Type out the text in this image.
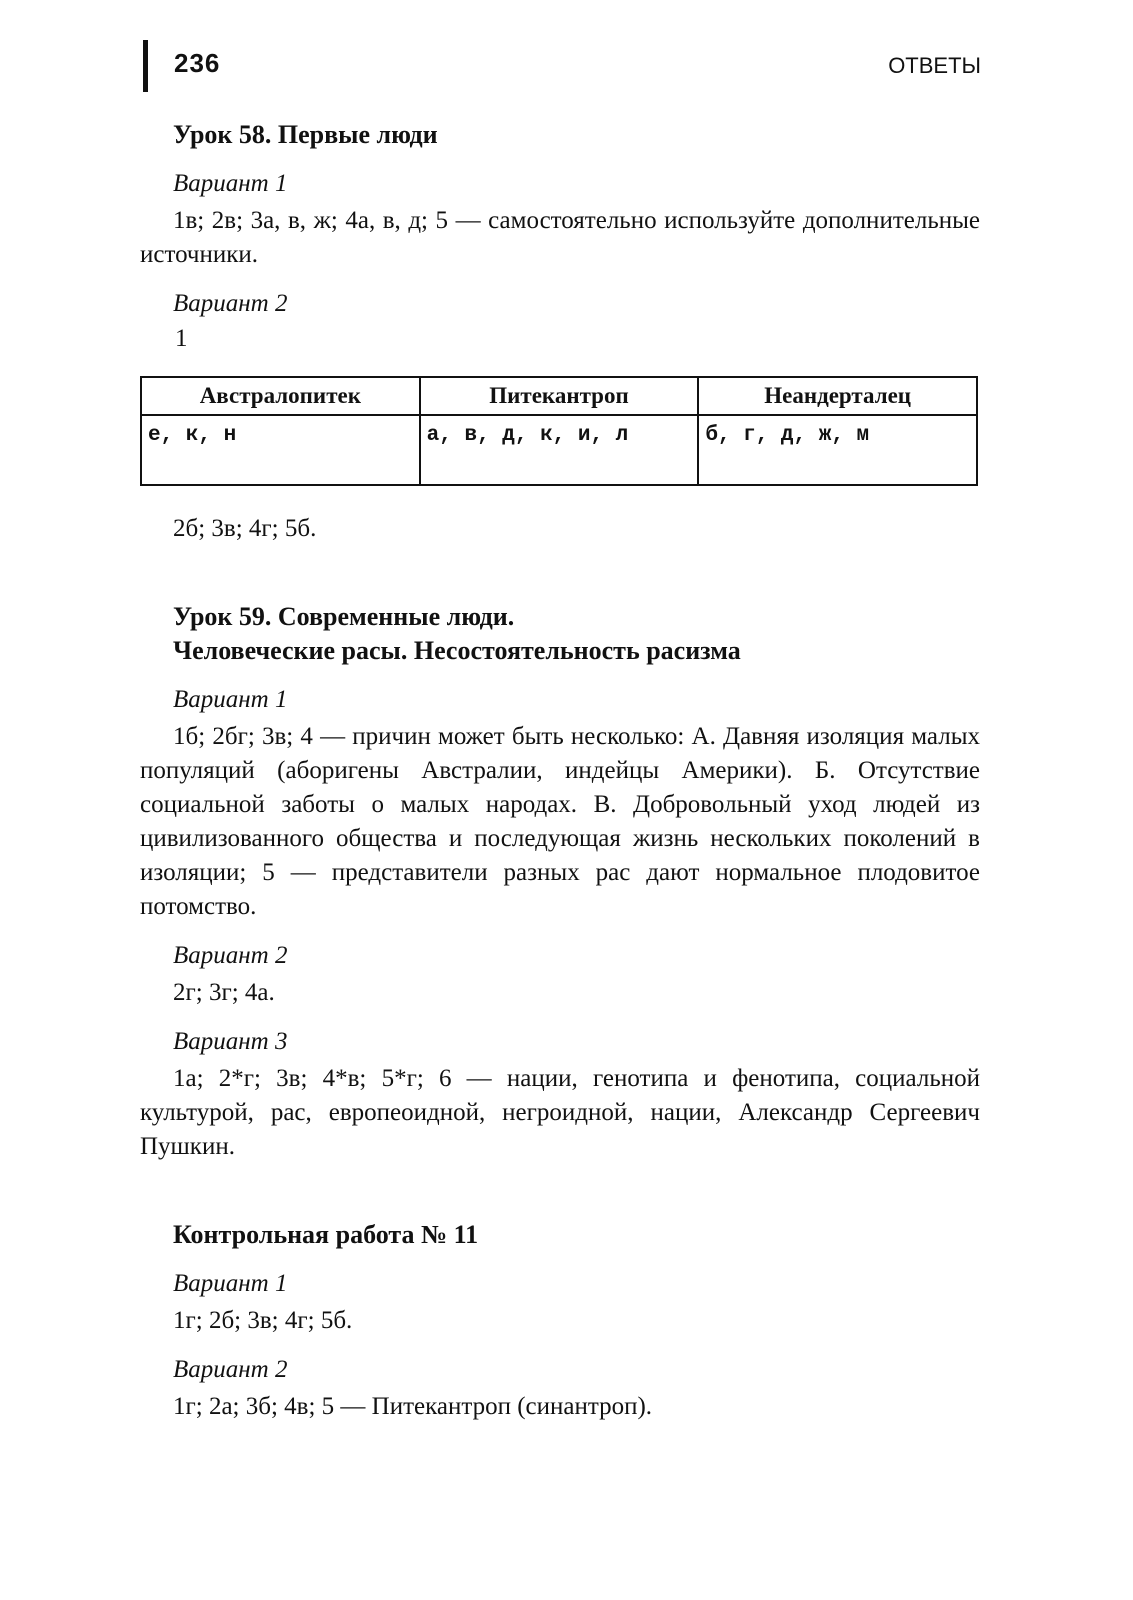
236	ОТВЕТЫ
Урок 58. Первые люди
Вариант 1

1в; 2в; 3а, в, ж; 4а, в, д; 5 — самостоятельно используйте дополнительные источники.

Вариант 2
1
Австралопитек	Питекантроп	Неандерталец
е, к, н	а, в, д, к, и, л	б, г, д, ж, м
2б; 3в; 4г; 5б.
Урок 59. Современные люди.
Человеческие расы. Несостоятельность расизма
Вариант 1

1б; 2бг; 3в; 4 — причин может быть несколько: А. Давняя изоляция малых популяций (аборигены Австралии, индейцы Америки). Б. Отсутствие социальной заботы о малых народах. В. Добровольный уход людей из цивилизованного общества и последующая жизнь нескольких поколений в изоляции; 5 — представители разных рас дают нормальное плодовитое потомство.

Вариант 2

2г; 3г; 4а.

Вариант 3

1а; 2*г; 3в; 4*в; 5*г; 6 — нации, генотипа и фенотипа, социальной культурой, рас, европеоидной, негроидной, нации, Александр Сергеевич Пушкин.

Контрольная работа № 11
Вариант 1

1г; 2б; 3в; 4г; 5б.

Вариант 2

1г; 2а; 3б; 4в; 5 — Питекантроп (синантроп).
